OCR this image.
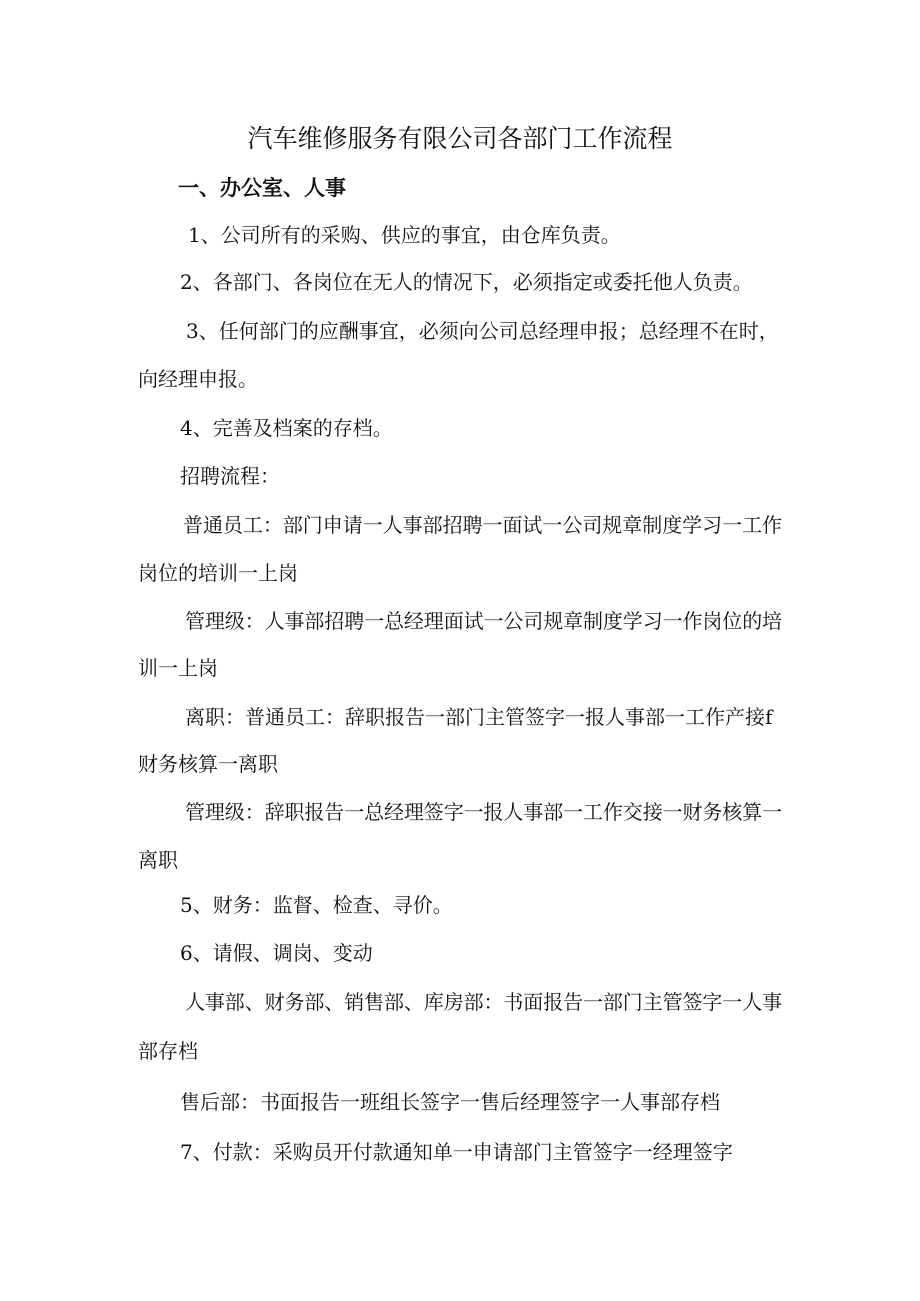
汽车维修服务有限公司各部门工作流程
一、办公室、人事
1、公司所有的采购、供应的事宜，由仓库负责。
2、各部门、各岗位在无人的情况下，必须指定或委托他人负责。
3、任何部门的应酬事宜，必须向公司总经理申报；总经理不在时，
向经理申报。
4、完善及档案的存档。
招聘流程：
普通员工：部门申请一人事部招聘一面试一公司规章制度学习一工作
岗位的培训一上岗
管理级：人事部招聘一总经理面试一公司规章制度学习一作岗位的培
训一上岗
离职：普通员工：辞职报告一部门主管签字一报人事部一工作产接f
财务核算一离职
管理级：辞职报告一总经理签字一报人事部一工作交接一财务核算一
离职
5、财务：监督、检查、寻价。
6、请假、调岗、变动
人事部、财务部、销售部、库房部：书面报告一部门主管签字一人事
部存档
售后部：书面报告一班组长签字一售后经理签字一人事部存档
7、付款：采购员开付款通知单一申请部门主管签字一经理签字
